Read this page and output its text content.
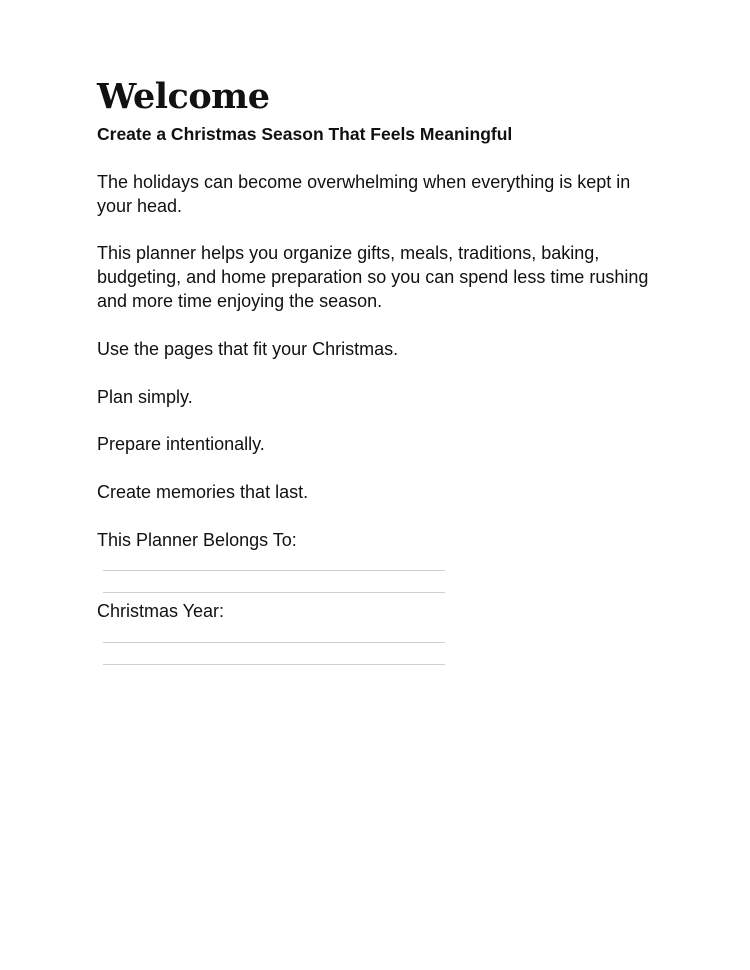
Welcome
Create a Christmas Season That Feels Meaningful

The holidays can become overwhelming when everything is kept in your head.

This planner helps you organize gifts, meals, traditions, baking, budgeting, and home preparation so you can spend less time rushing and more time enjoying the season.

Use the pages that fit your Christmas.

Plan simply.

Prepare intentionally.

Create memories that last.

This Planner Belongs To:

Christmas Year:
